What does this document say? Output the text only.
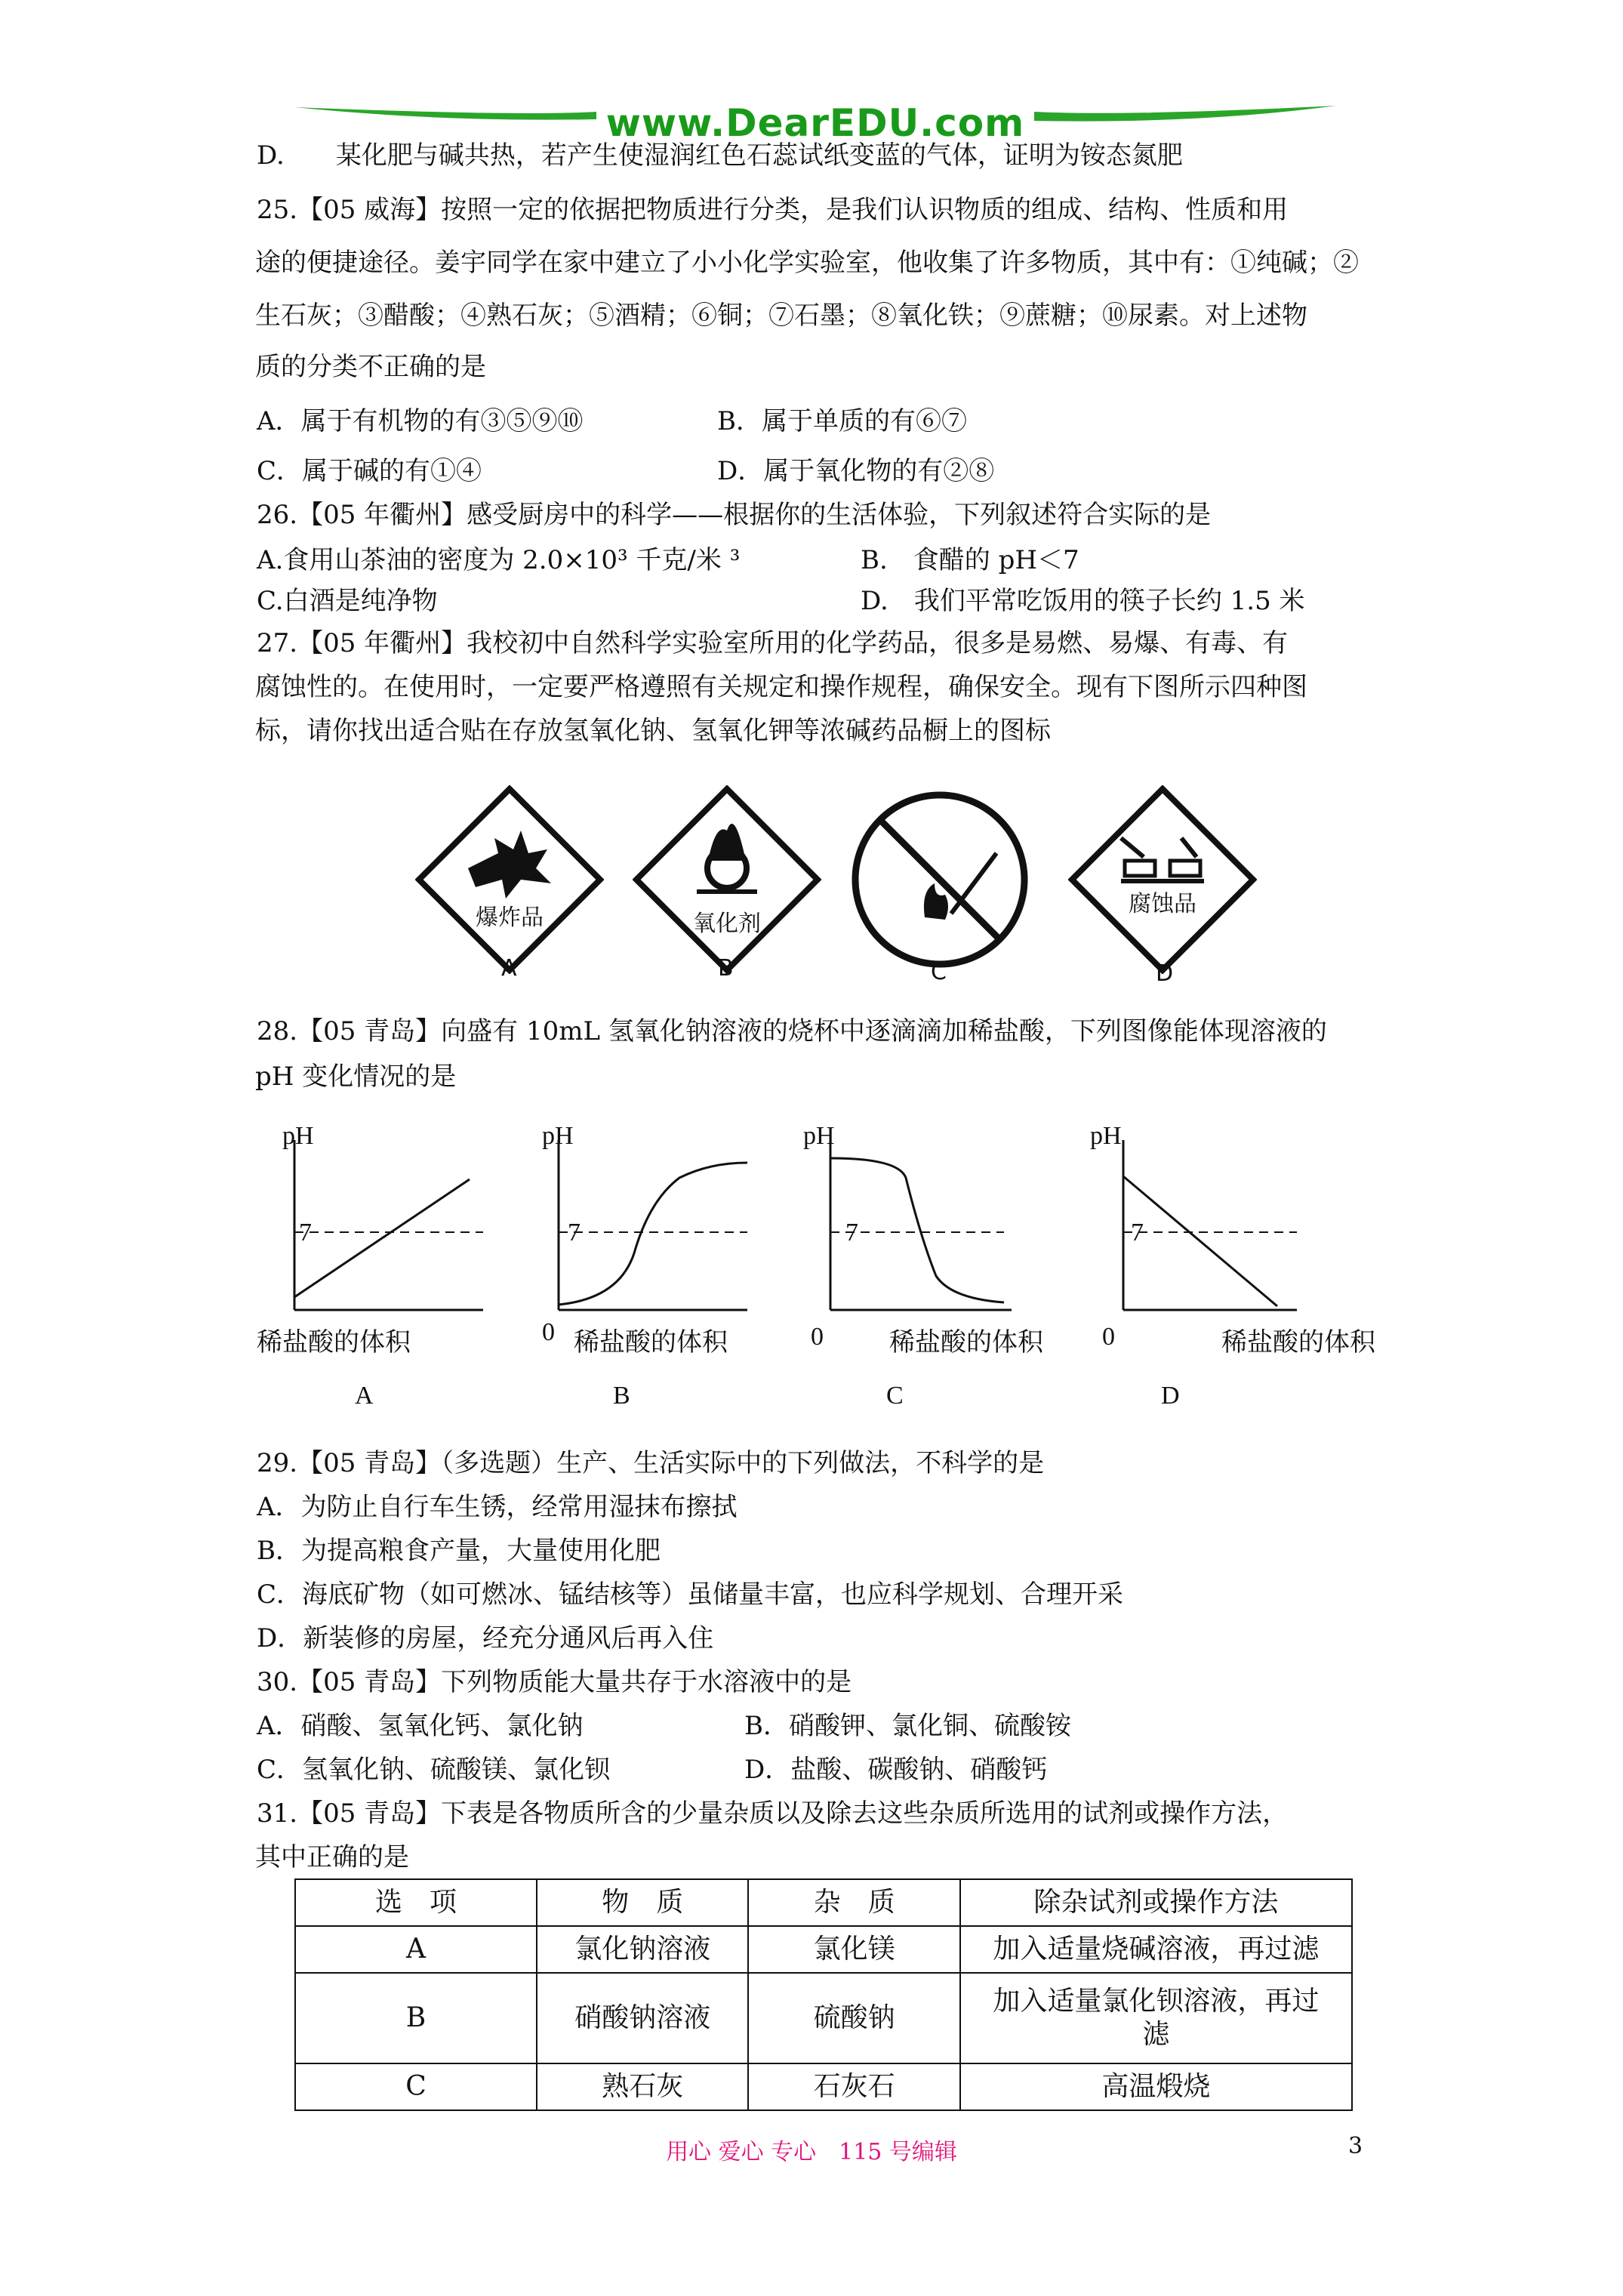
www.DearEDU.com
D.　　某化肥与碱共热，若产生使湿润红色石蕊试纸变蓝的气体，证明为铵态氮肥
25.【05 威海】按照一定的依据把物质进行分类，是我们认识物质的组成、结构、性质和用
途的便捷途径。姜宇同学在家中建立了小小化学实验室，他收集了许多物质，其中有：①纯碱；②
生石灰；③醋酸；④熟石灰；⑤酒精；⑥铜；⑦石墨；⑧氧化铁；⑨蔗糖；⑩尿素。对上述物
质的分类不正确的是
A．属于有机物的有③⑤⑨⑩	B．属于单质的有⑥⑦
C．属于碱的有①④	D．属于氧化物的有②⑧
26.【05 年衢州】感受厨房中的科学——根据你的生活体验，下列叙述符合实际的是
A.食用山茶油的密度为 2.0×10³ 千克/米 ³	B.　食醋的 pH＜7
C.白酒是纯净物	D.　我们平常吃饭用的筷子长约 1.5 米
27.【05 年衢州】我校初中自然科学实验室所用的化学药品，很多是易燃、易爆、有毒、有
腐蚀性的。在使用时，一定要严格遵照有关规定和操作规程，确保安全。现有下图所示四种图
标，请你找出适合贴在存放氢氧化钠、氢氧化钾等浓碱药品橱上的图标
爆炸品	氧化剂
腐蚀品
A	B	C	D
28.【05 青岛】向盛有 10mL 氢氧化钠溶液的烧杯中逐滴滴加稀盐酸，下列图像能体现溶液的
pH 变化情况的是
pH
7
稀盐酸的体积
A
pH
7
0 稀盐酸的体积
B
pH
7
0	稀盐酸的体积
C
pH
7
0	稀盐酸的体积
D
29.【05 青岛】（多选题）生产、生活实际中的下列做法，不科学的是
A．为防止自行车生锈，经常用湿抹布擦拭
B．为提高粮食产量，大量使用化肥
C．海底矿物（如可燃冰、锰结核等）虽储量丰富，也应科学规划、合理开采
D．新装修的房屋，经充分通风后再入住
30.【05 青岛】下列物质能大量共存于水溶液中的是
A．硝酸、氢氧化钙、氯化钠	B．硝酸钾、氯化铜、硫酸铵
C．氢氧化钠、硫酸镁、氯化钡	D．盐酸、碳酸钠、硝酸钙
31.【05 青岛】下表是各物质所含的少量杂质以及除去这些杂质所选用的试剂或操作方法，
其中正确的是
选　项	物　质	杂　质	除杂试剂或操作方法
A	氯化钠溶液	氯化镁	加入适量烧碱溶液，再过滤
B	硝酸钠溶液	硫酸钠	加入适量氯化钡溶液，再过滤
C	熟石灰	石灰石	高温煅烧
用心 爱心 专心　115 号编辑	3
